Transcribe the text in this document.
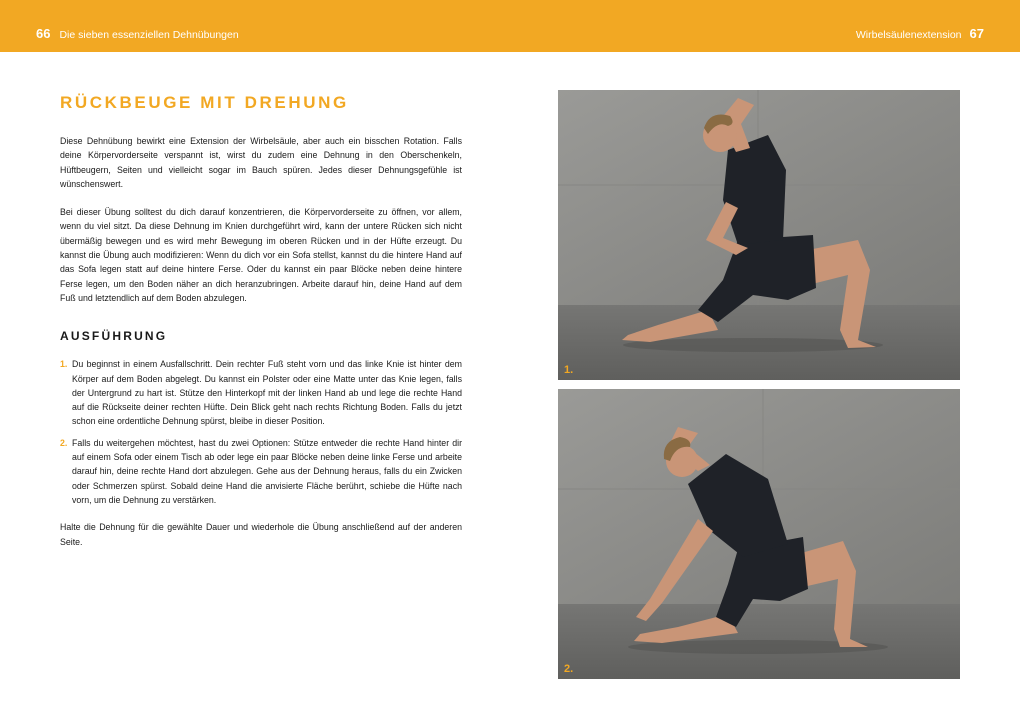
66 Die sieben essenziellen Dehnübungen	Wirbelsäulenextension 67
RÜCKBEUGE MIT DREHUNG

Diese Dehnübung bewirkt eine Extension der Wirbelsäule, aber auch ein bisschen Rotation. Falls deine Körpervorderseite verspannt ist, wirst du zudem eine Dehnung in den Oberschenkeln, Hüftbeugern, Seiten und vielleicht sogar im Bauch spüren. Jedes dieser Dehnungsgefühle ist wünschenswert.

Bei dieser Übung solltest du dich darauf konzentrieren, die Körpervorderseite zu öffnen, vor allem, wenn du viel sitzt. Da diese Dehnung im Knien durchgeführt wird, kann der untere Rücken sich nicht übermäßig bewegen und es wird mehr Bewegung im oberen Rücken und in der Hüfte erzeugt. Du kannst die Übung auch modifizieren: Wenn du dich vor ein Sofa stellst, kannst du die hintere Hand auf das Sofa legen statt auf deine hintere Ferse. Oder du kannst ein paar Blöcke neben deine hintere Ferse legen, um den Boden näher an dich heranzubringen. Arbeite darauf hin, deine Hand auf dem Fuß und letztendlich auf dem Boden abzulegen.

AUSFÜHRUNG
1. Du beginnst in einem Ausfallschritt. Dein rechter Fuß steht vorn und das linke Knie ist hinter dem Körper auf dem Boden abgelegt. Du kannst ein Polster oder eine Matte unter das Knie legen, falls der Untergrund zu hart ist. Stütze den Hinterkopf mit der linken Hand ab und lege die rechte Hand auf die Rückseite deiner rechten Hüfte. Dein Blick geht nach rechts Richtung Boden. Falls du jetzt schon eine ordentliche Dehnung spürst, bleibe in dieser Position.
2. Falls du weitergehen möchtest, hast du zwei Optionen: Stütze entweder die rechte Hand hinter dir auf einem Sofa oder einem Tisch ab oder lege ein paar Blöcke neben deine linke Ferse und arbeite darauf hin, deine rechte Hand dort abzulegen. Gehe aus der Dehnung heraus, falls du ein Zwicken oder Schmerzen spürst. Sobald deine Hand die anvisierte Fläche berührt, schiebe die Hüfte nach vorn, um die Dehnung zu verstärken.

Halte die Dehnung für die gewählte Dauer und wiederhole die Übung anschließend auf der anderen Seite.

1.
2.
